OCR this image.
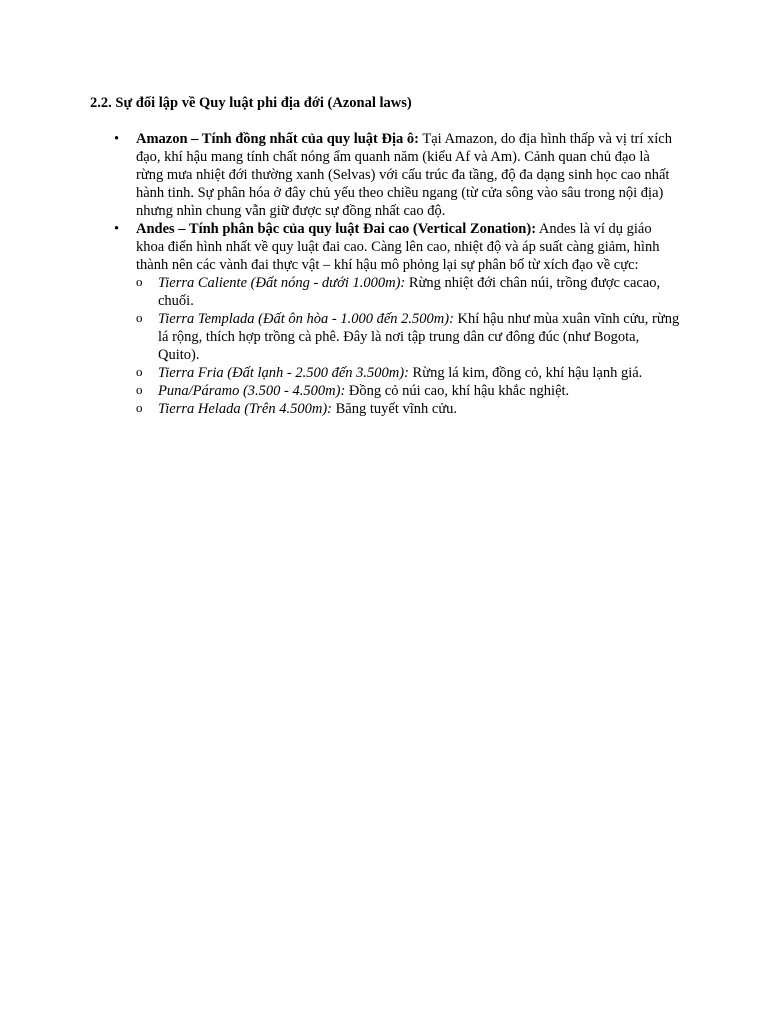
2.2. Sự đối lập về Quy luật phi địa đới (Azonal laws)
•	Amazon – Tính đồng nhất của quy luật Địa ô: Tại Amazon, do địa hình thấp và vị trí xích đạo, khí hậu mang tính chất nóng ẩm quanh năm (kiểu Af và Am). Cảnh quan chủ đạo là rừng mưa nhiệt đới thường xanh (Selvas) với cấu trúc đa tầng, độ đa dạng sinh học cao nhất hành tinh. Sự phân hóa ở đây chủ yếu theo chiều ngang (từ cửa sông vào sâu trong nội địa) nhưng nhìn chung vẫn giữ được sự đồng nhất cao độ.
•	Andes – Tính phân bậc của quy luật Đai cao (Vertical Zonation): Andes là ví dụ giáo khoa điển hình nhất về quy luật đai cao. Càng lên cao, nhiệt độ và áp suất càng giảm, hình thành nên các vành đai thực vật – khí hậu mô phỏng lại sự phân bố từ xích đạo về cực:
o Tierra Caliente (Đất nóng - dưới 1.000m): Rừng nhiệt đới chân núi, trồng được cacao, chuối.
o Tierra Templada (Đất ôn hòa - 1.000 đến 2.500m): Khí hậu như mùa xuân vĩnh cửu, rừng lá rộng, thích hợp trồng cà phê. Đây là nơi tập trung dân cư đông đúc (như Bogota, Quito).
o Tierra Fria (Đất lạnh - 2.500 đến 3.500m): Rừng lá kim, đồng cỏ, khí hậu lạnh giá.
o Puna/Páramo (3.500 - 4.500m): Đồng cỏ núi cao, khí hậu khắc nghiệt.
o Tierra Helada (Trên 4.500m): Băng tuyết vĩnh cửu.
